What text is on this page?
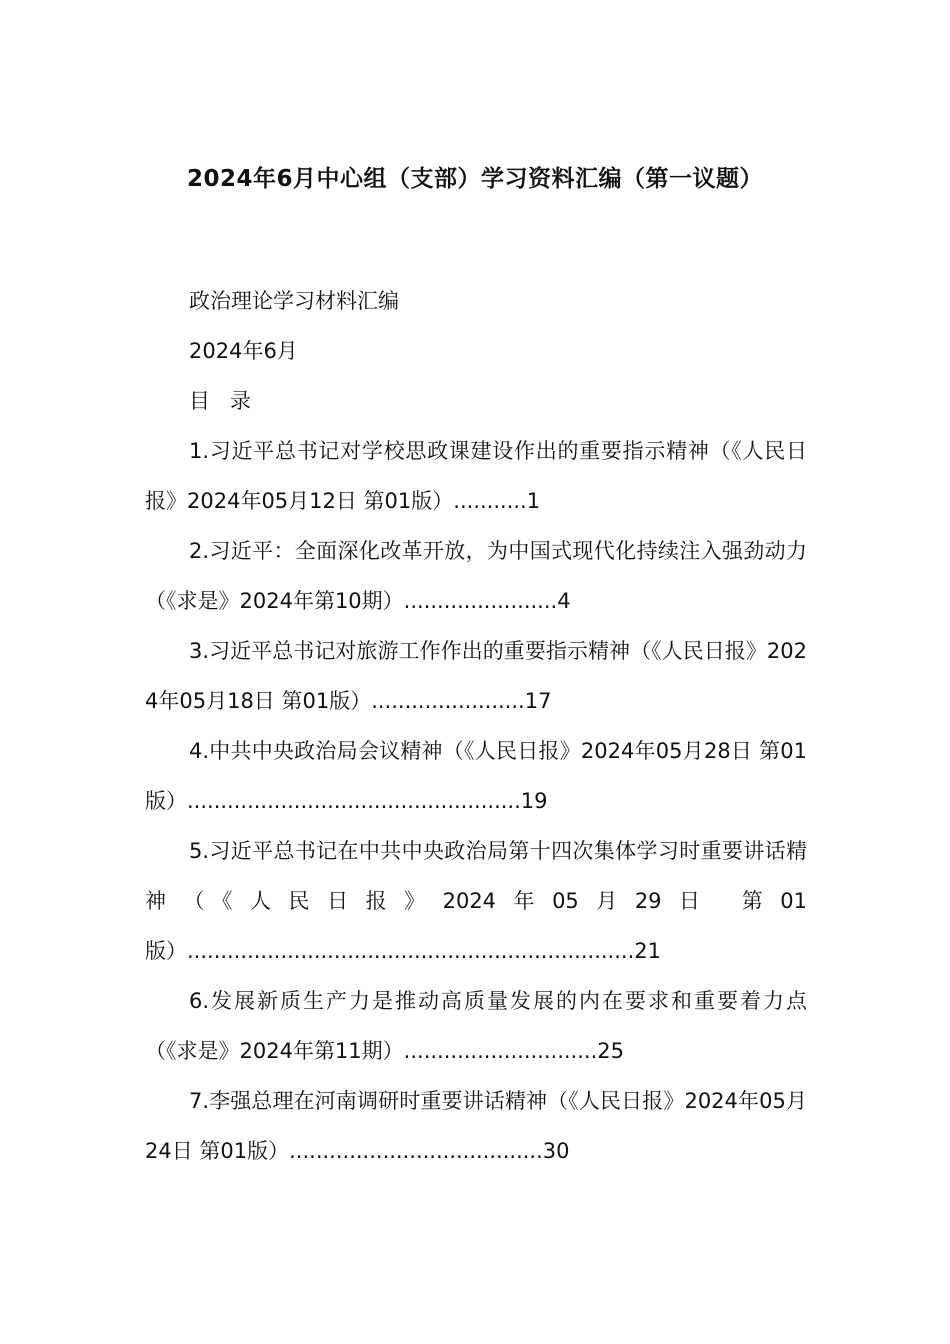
2024年6月中心组（支部）学习资料汇编（第一议题）

政治理论学习材料汇编

2024年6月

目 录

1.习近平总书记对学校思政课建设作出的重要指示精神（《人民日报》2024年05月12日 第01版）...........1

2.习近平：全面深化改革开放，为中国式现代化持续注入强劲动力（《求是》2024年第10期）.......................4

3.习近平总书记对旅游工作作出的重要指示精神（《人民日报》2024年05月18日 第01版）.......................17

4.中共中央政治局会议精神（《人民日报》2024年05月28日 第01版）..................................................19

5.习近平总书记在中共中央政治局第十四次集体学习时重要讲话精神（《人民日报》2024年05月29日 第01版）...................................................................21

6.发展新质生产力是推动高质量发展的内在要求和重要着力点（《求是》2024年第11期）.............................25

7.李强总理在河南调研时重要讲话精神（《人民日报》2024年05月24日 第01版）......................................30
